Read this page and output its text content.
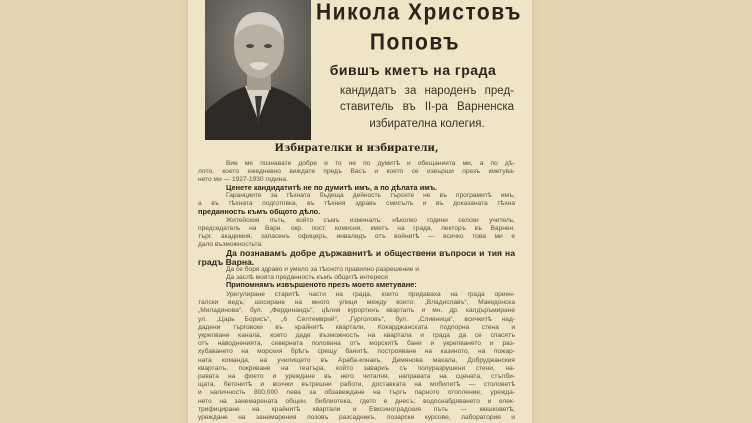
Никола Христовъ
Поповъ
бившъ кметъ на града
кандидатъ за народенъ пред-
ставитель въ II-ра Варненска
избирателна колегия.
Избирателки и избиратели,
Вие ме познавате добре и то не по думитѣ и обещанията ми, а по дѣ-
лото, което ежедневно виждате предъ Васъ и което се извърши презъ кметува-
нето ми — 1927-1930 година.
Ценете кандидатитѣ не по думитѣ имъ, а по дѣлата имъ.
Гаранциите за тѣхната бъдеща дейность търсете не въ програмитѣ имъ,
а въ тѣхната подготовка, въ тѣхния здравъ смисълъ и въ доказаната тѣхна
преданность къмъ общото дѣло.
Житейския пъть, който съмъ изминалъ: нѣколко години селски учитель,
председатель на Варн. окр. пост. комисия, кметъ на града, лекторъ въ Варнен.
търг. академия, запасенъ офицеръ, инвалидъ отъ войнитѣ — всичко това ми е
дало възможностьта:
Да познавамъ добре държавнитѣ и обществени въпроси и тия на
градъ Варна.
Да се боря здраво и умело за тѣхното правилно разрешение и
Да заслѣ моята преданность къмъ общитѣ интереси
Припомнямъ извършеното презъ моето кметуване:
Урегулиране старитѣ части на града, които придаваха на града ориен-
талски видъ; шосиране на много улици между които: „Владиславъ“, Македонска
„Миладинова“, бул. „Фердинандъ“, цѣлия курортенъ кварталъ и мн. др. калдъръмиране
ул. „Царь Борисъ“, „6 Септемврий“, „Гурголовъ“, бул. „Сливница“, всичкитѣ над-
дадени търговски въ крайнитѣ квартали, Кокарджанската подпорна стена и
укрепване канала, което даде възможность на квартала и града да се спасятъ
отъ наводненията, северната половина отъ морскитѣ бани и укрепването и раз-
хубаването на морския брѣгъ срещу банитѣ, построяване на казиното, на пожар-
ната команда, на училището въ Араба-конакъ, Демянова махала, Добруджанския
кварталъ, покриване на театъра, който завариъ съ полуразрушени стени, на-
равата на фоето и уреждане въ него читалня, направата на сцената, стълби-
щата, бетонитѣ и всички вътрешни работи, доставката на мобилитѣ — столоветѣ
и наличность 800,000 лева за обзавеждане на търгъ парното отопление, уреждa-
нето на занемарената общин. библиотека, гдето е днесъ; водоснабдяването и елек-
трифициране на крайнитѣ квартали и Евксиноградския пъть — кюшковетѣ;
уреждане на занемарения лозовъ разсадникъ, лозарски курсове, лаборатория и
